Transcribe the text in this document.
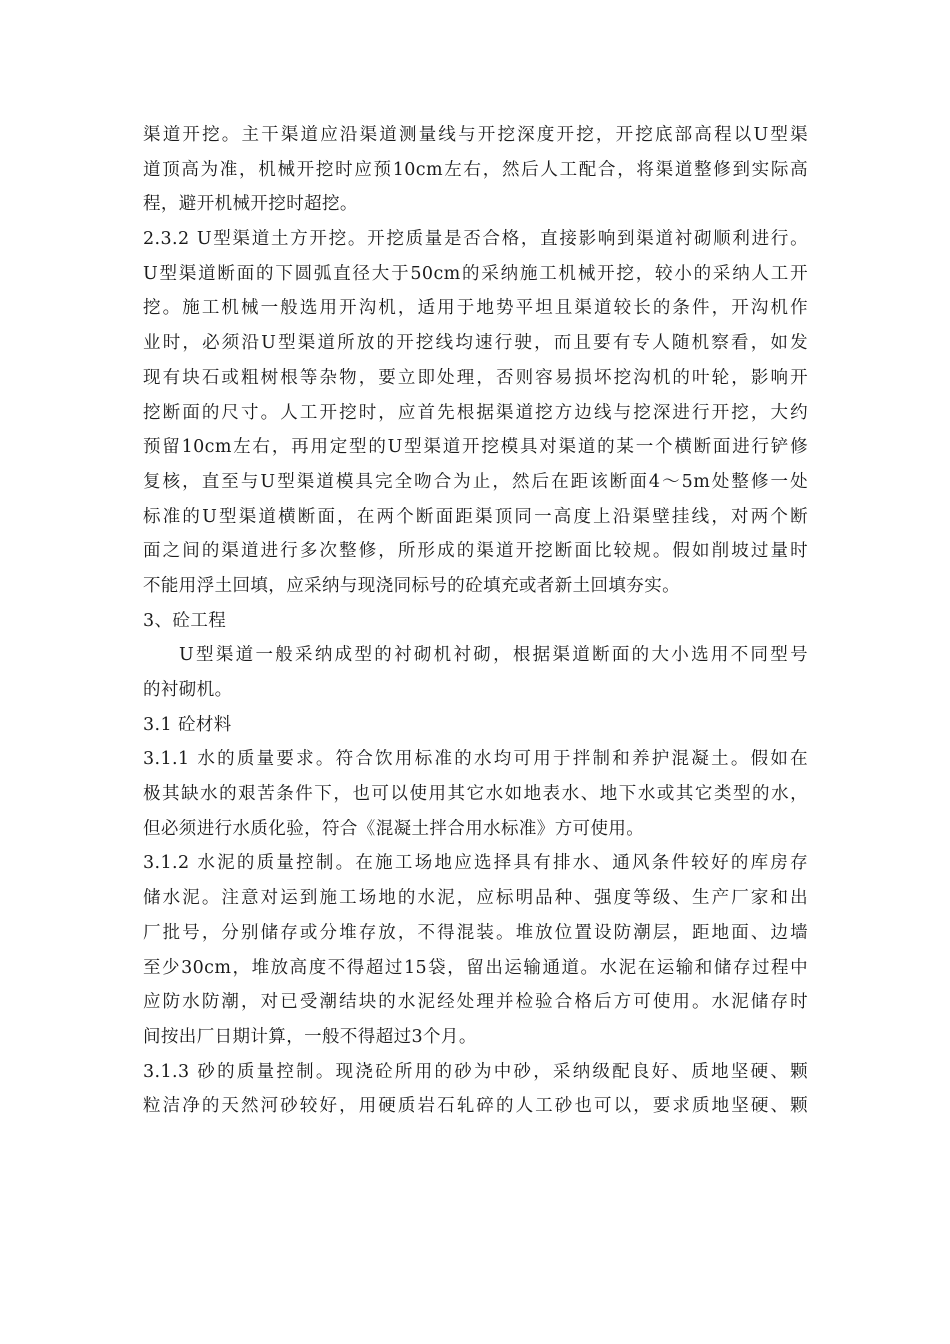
渠道开挖。主干渠道应沿渠道测量线与开挖深度开挖，开挖底部高程以U型渠
道顶高为准，机械开挖时应预10cm左右，然后人工配合，将渠道整修到实际高
程，避开机械开挖时超挖。
2.3.2 U型渠道土方开挖。开挖质量是否合格，直接影响到渠道衬砌顺利进行。
U型渠道断面的下圆弧直径大于50cm的采纳施工机械开挖，较小的采纳人工开
挖。施工机械一般选用开沟机，适用于地势平坦且渠道较长的条件，开沟机作
业时，必须沿U型渠道所放的开挖线均速行驶，而且要有专人随机察看，如发
现有块石或粗树根等杂物，要立即处理，否则容易损坏挖沟机的叶轮，影响开
挖断面的尺寸。人工开挖时，应首先根据渠道挖方边线与挖深进行开挖，大约
预留10cm左右，再用定型的U型渠道开挖模具对渠道的某一个横断面进行铲修
复核，直至与U型渠道模具完全吻合为止，然后在距该断面4～5m处整修一处
标准的U型渠道横断面，在两个断面距渠顶同一高度上沿渠壁挂线，对两个断
面之间的渠道进行多次整修，所形成的渠道开挖断面比较规。假如削坡过量时
不能用浮土回填，应采纳与现浇同标号的砼填充或者新土回填夯实。
3、砼工程
U型渠道一般采纳成型的衬砌机衬砌，根据渠道断面的大小选用不同型号
的衬砌机。
3.1 砼材料
3.1.1 水的质量要求。符合饮用标准的水均可用于拌制和养护混凝土。假如在
极其缺水的艰苦条件下，也可以使用其它水如地表水、地下水或其它类型的水，
但必须进行水质化验，符合《混凝土拌合用水标准》方可使用。
3.1.2 水泥的质量控制。在施工场地应选择具有排水、通风条件较好的库房存
储水泥。注意对运到施工场地的水泥，应标明品种、强度等级、生产厂家和出
厂批号，分别储存或分堆存放，不得混装。堆放位置设防潮层，距地面、边墙
至少30cm，堆放高度不得超过15袋，留出运输通道。水泥在运输和储存过程中
应防水防潮，对已受潮结块的水泥经处理并检验合格后方可使用。水泥储存时
间按出厂日期计算，一般不得超过3个月。
3.1.3 砂的质量控制。现浇砼所用的砂为中砂，采纳级配良好、质地坚硬、颗
粒洁净的天然河砂较好，用硬质岩石轧碎的人工砂也可以，要求质地坚硬、颗
